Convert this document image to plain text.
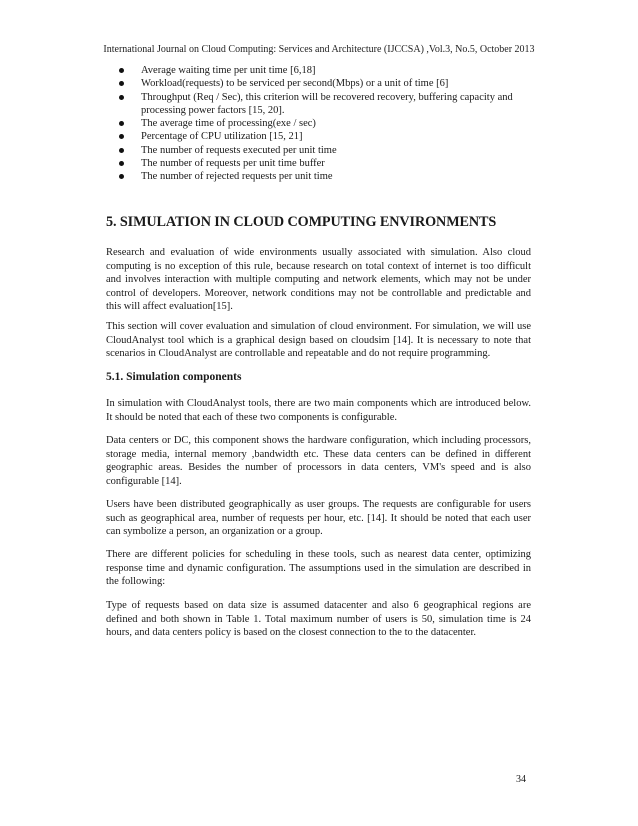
International Journal on Cloud Computing: Services and Architecture (IJCCSA) ,Vol.3, No.5, October 2013
Average waiting time per unit time [6,18]
Workload(requests) to be serviced per second(Mbps) or a unit of time [6]
Throughput (Req / Sec), this criterion will be recovered recovery, buffering capacity and processing power factors [15, 20].
The average time of processing(exe / sec)
Percentage of CPU utilization [15, 21]
The number of requests executed per unit time
The number of requests per unit time buffer
The number of rejected requests per unit time
5. SIMULATION IN CLOUD COMPUTING ENVIRONMENTS

Research and evaluation of wide environments usually associated with simulation. Also cloud computing is no exception of this rule, because research on total context of internet is too difficult and involves interaction with multiple computing and network elements, which may not be under control of developers. Moreover, network conditions may not be controllable and predictable and this will affect evaluation[15].

This section will cover evaluation and simulation of cloud environment. For simulation, we will use CloudAnalyst tool which is a graphical design based on cloudsim [14]. It is necessary to note that scenarios in CloudAnalyst are controllable and repeatable and do not require programming.

5.1. Simulation components

In simulation with CloudAnalyst tools, there are two main components which are introduced below. It should be noted that each of these two components is configurable.

Data centers or DC, this component shows the hardware configuration, which including processors, storage media, internal memory ,bandwidth etc. These data centers can be defined in different geographic areas. Besides the number of processors in data centers, VM's speed and is also configurable [14].

Users have been distributed geographically as user groups. The requests are configurable for users such as geographical area, number of requests per hour, etc. [14]. It should be noted that each user can symbolize a person, an organization or a group.

There are different policies for scheduling in these tools, such as nearest data center, optimizing response time and dynamic configuration. The assumptions used in the simulation are described in the following:

Type of requests based on data size is assumed datacenter and also 6 geographical regions are defined and both shown in Table 1. Total maximum number of users is 50, simulation time is 24 hours, and data centers policy is based on the closest connection to the to the datacenter.

34
